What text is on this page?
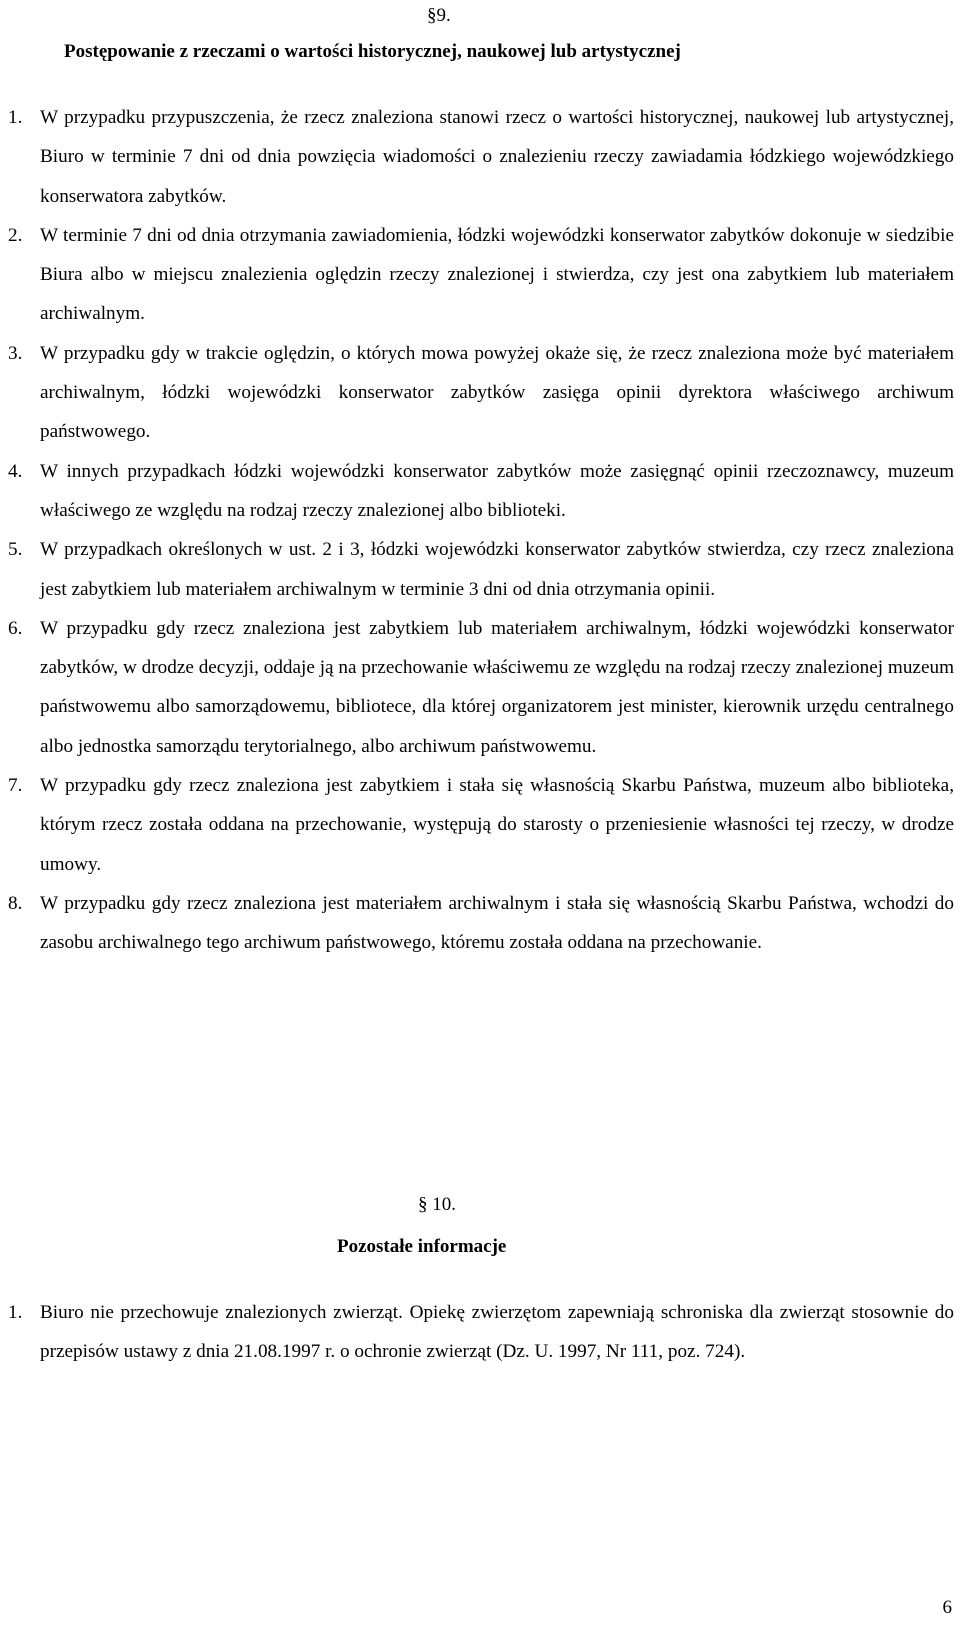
§9.
Postępowanie z rzeczami o wartości historycznej, naukowej lub artystycznej
1. W przypadku przypuszczenia, że rzecz znaleziona stanowi rzecz o wartości historycznej, naukowej lub artystycznej, Biuro w terminie 7 dni od dnia powzięcia wiadomości o znalezieniu rzeczy zawiadamia łódzkiego wojewódzkiego konserwatora zabytków.
2. W terminie 7 dni od dnia otrzymania zawiadomienia, łódzki wojewódzki konserwator zabytków dokonuje w siedzibie Biura albo w miejscu znalezienia oględzin rzeczy znalezionej i stwierdza, czy jest ona zabytkiem lub materiałem archiwalnym.
3. W przypadku gdy w trakcie oględzin, o których mowa powyżej okaże się, że rzecz znaleziona może być materiałem archiwalnym, łódzki wojewódzki konserwator zabytków zasięga opinii dyrektora właściwego archiwum państwowego.
4. W innych przypadkach łódzki wojewódzki konserwator zabytków może zasięgnąć opinii rzeczoznawcy, muzeum właściwego ze względu na rodzaj rzeczy znalezionej albo biblioteki.
5. W przypadkach określonych w ust. 2 i 3, łódzki wojewódzki konserwator zabytków stwierdza, czy rzecz znaleziona jest zabytkiem lub materiałem archiwalnym w terminie 3 dni od dnia otrzymania opinii.
6. W przypadku gdy rzecz znaleziona jest zabytkiem lub materiałem archiwalnym, łódzki wojewódzki konserwator zabytków, w drodze decyzji, oddaje ją na przechowanie właściwemu ze względu na rodzaj rzeczy znalezionej muzeum państwowemu albo samorządowemu, bibliotece, dla której organizatorem jest minister, kierownik urzędu centralnego albo jednostka samorządu terytorialnego, albo archiwum państwowemu.
7. W przypadku gdy rzecz znaleziona jest zabytkiem i stała się własnością Skarbu Państwa, muzeum albo biblioteka, którym rzecz została oddana na przechowanie, występują do starosty o przeniesienie własności tej rzeczy, w drodze umowy.
8. W przypadku gdy rzecz znaleziona jest materiałem archiwalnym i stała się własnością Skarbu Państwa, wchodzi do zasobu archiwalnego tego archiwum państwowego, któremu została oddana na przechowanie.
§ 10.
Pozostałe informacje
1. Biuro nie przechowuje znalezionych zwierząt. Opiekę zwierzętom zapewniają schroniska dla zwierząt stosownie do przepisów ustawy z dnia 21.08.1997 r. o ochronie zwierząt (Dz. U. 1997, Nr 111, poz. 724).
6
